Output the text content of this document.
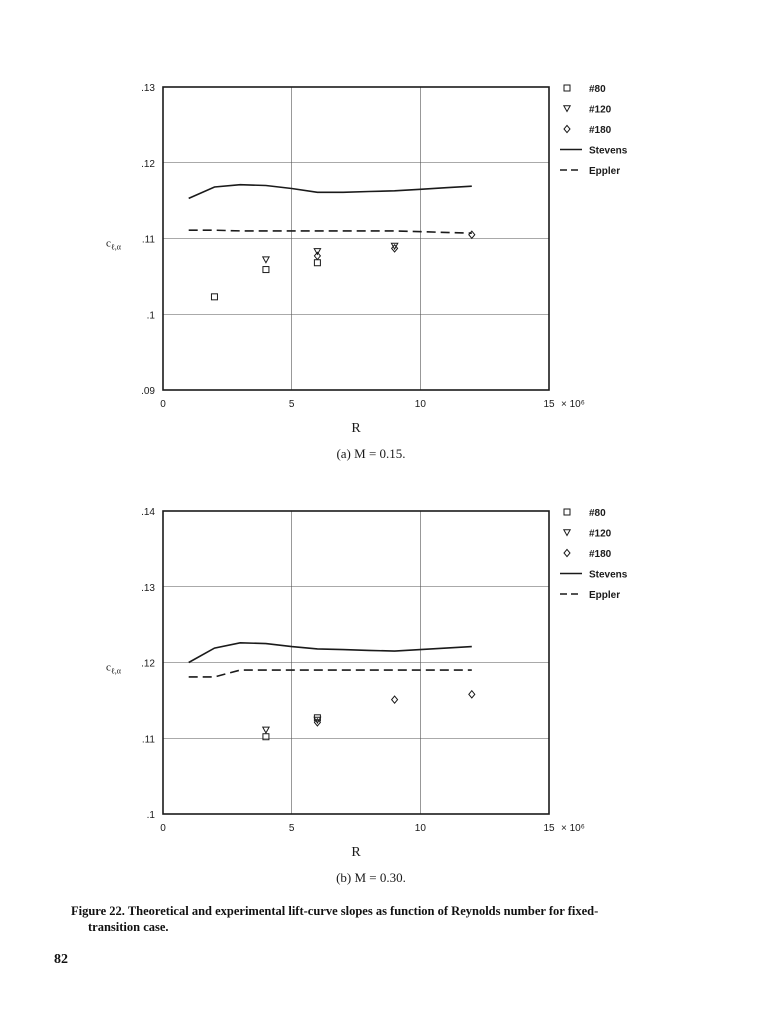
.09
.1
.11
.12
.13
0	5	10	15 × 10⁶
R
$c_{\ell,\alpha}$
(a) M = 0.15.
#80
#120
#180
Stevens
Eppler
.1
.11
.12
.13
.14
0	5	10	15 × 10⁶
R
$c_{\ell,\alpha}$
(b) M = 0.30.
#80
#120
#180
Stevens
Eppler
Figure 22. Theoretical and experimental lift-curve slopes as function of Reynolds number for fixed-
transition case.
82
